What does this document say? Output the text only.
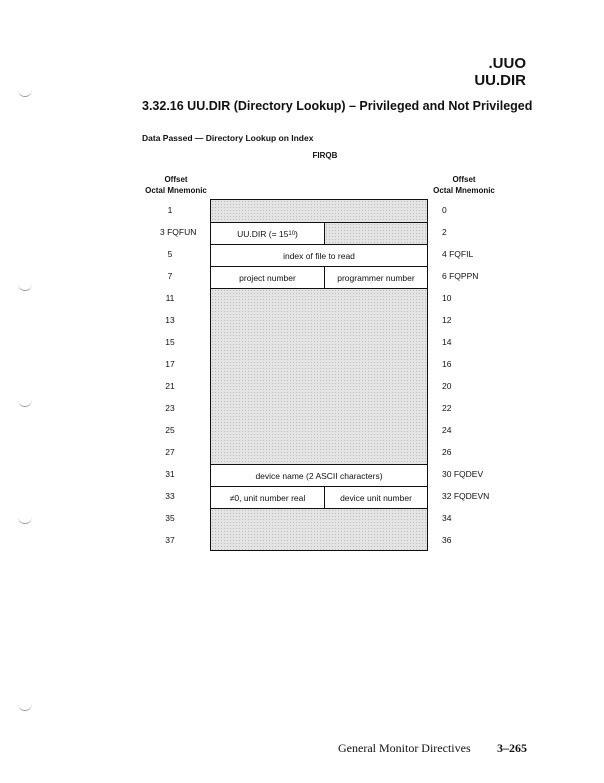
.UUO
UU.DIR
3.32.16 UU.DIR (Directory Lookup) – Privileged and Not Privileged
Data Passed — Directory Lookup on Index
FIRQB
Offset
Octal Mnemonic
Offset
Octal Mnemonic
1
3 FQFUN
5
7
11
13
15
17
21
23
25
27
31
33
35
37
0
2
4 FQFIL
6 FQPPN
10
12
14
16
20
22
24
26
30 FQDEV
32 FQDEVN
34
36
UU.DIR (= 15 10 )
index of file to read
project number	programmer number
device name (2 ASCII characters)
≠0, unit number real	device unit number
General Monitor Directives 3–265
